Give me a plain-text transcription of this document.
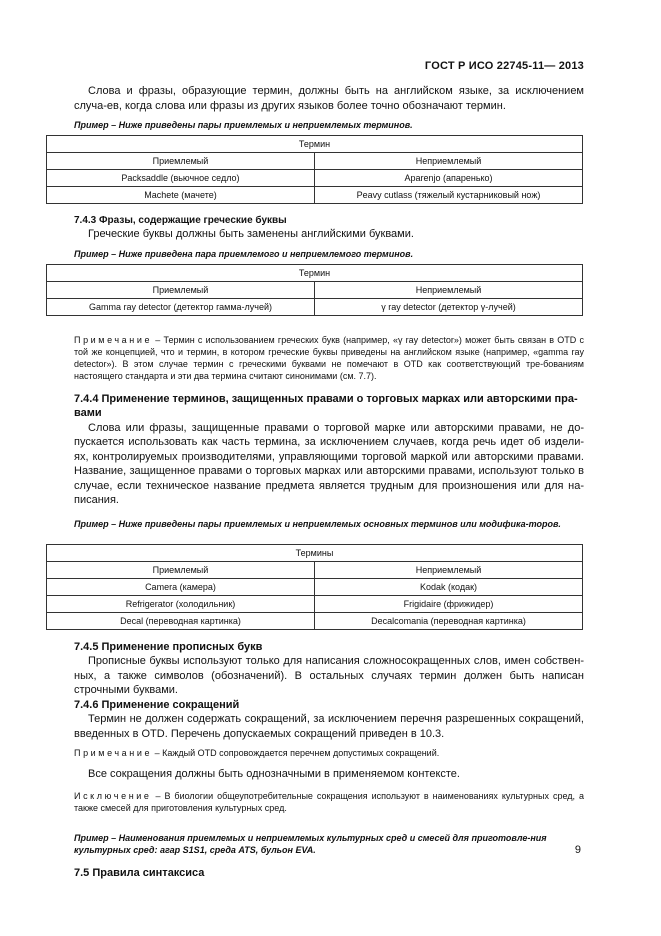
ГОСТ Р ИСО 22745-11— 2013

Слова и фразы, образующие термин, должны быть на английском языке, за исключением случа-ев, когда слова или фразы из других языков более точно обозначают термин.

Пример – Ниже приведены пары приемлемых и неприемлемых терминов.

Термин	
Приемлемый	Неприемлемый
Packsaddle (вьючное седло)	Aparenjo (апаренько)
Machete (мачете)	Peavy cutlass (тяжелый кустарниковый нож)

7.4.3 Фразы, содержащие греческие буквы

Греческие буквы должны быть заменены английскими буквами.

Пример – Ниже приведена пара приемлемого и неприемлемого терминов.

Термин	
Приемлемый	Неприемлемый
Gamma ray detector (детектор гамма-лучей)	γ ray detector (детектор γ-лучей)

Примечание – Термин с использованием греческих букв (например, «γ ray detector») может быть связан в OTD с той же концепцией, что и термин, в котором греческие буквы приведены на английском языке (например, «gamma ray detector»). В этом случае термин с греческими буквами не помечают в OTD как соответствующий тре-бованиям настоящего стандарта и эти два термина считают синонимами (см. 7.7).

7.4.4 Применение терминов, защищенных правами о торговых марках или авторскими пра-вами

Слова или фразы, защищенные правами о торговой марке или авторскими правами, не до-пускается использовать как часть термина, за исключением случаев, когда речь идет об издели-ях, контролируемых производителями, управляющими торговой маркой или авторскими правами. Название, защищенное правами о торговых марках или авторскими правами, используют только в случае, если техническое название предмета является трудным для произношения или для на-писания.

Пример – Ниже приведены пары приемлемых и неприемлемых основных терминов или модифика-торов.

Термины	
Приемлемый	Неприемлемый
Camera (камера)	Kodak (кодак)
Refrigerator (холодильник)	Frigidaire (фрижидер)
Decal (переводная картинка)	Decalcomania (переводная картинка)

7.4.5 Применение прописных букв

Прописные буквы используют только для написания сложносокращенных слов, имен собствен-ных, а также символов (обозначений). В остальных случаях термин должен быть написан строчными буквами.

7.4.6 Применение сокращений

Термин не должен содержать сокращений, за исключением перечня разрешенных сокращений, введенных в OTD. Перечень допускаемых сокращений приведен в 10.3.

Примечание – Каждый OTD сопровождается перечнем допустимых сокращений.

Все сокращения должны быть однозначными в применяемом контексте.

Исключение – В биологии общеупотребительные сокращения используют в наименованиях культурных сред, а также смесей для приготовления культурных сред.

Пример – Наименования приемлемых и неприемлемых культурных сред и смесей для приготовле-ния культурных сред: агар S1S1, среда ATS, бульон EVA.

7.5 Правила синтаксиса

9
